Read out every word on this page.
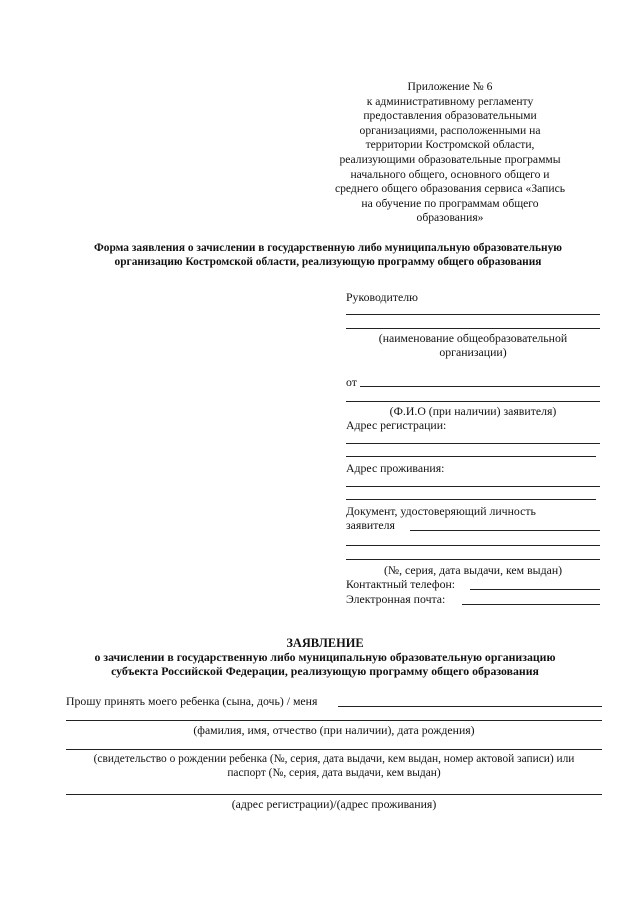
Приложение № 6
к административному регламенту
предоставления образовательными
организациями, расположенными на
территории Костромской области,
реализующими образовательные программы
начального общего, основного общего и
среднего общего образования сервиса «Запись
на обучение по программам общего
образования»
Форма заявления о зачислении в государственную либо муниципальную образовательную
организацию Костромской области, реализующую программу общего образования
Руководителю
(наименование общеобразовательной
организации)
от
(Ф.И.О (при наличии) заявителя)
Адрес регистрации:
Адрес проживания:
Документ, удостоверяющий личность
заявителя
(№, серия, дата выдачи, кем выдан)
Контактный телефон:
Электронная почта:
ЗАЯВЛЕНИЕ
о зачислении в государственную либо муниципальную образовательную организацию
субъекта Российской Федерации, реализующую программу общего образования
Прошу принять моего ребенка (сына, дочь) / меня
(фамилия, имя, отчество (при наличии), дата рождения)
(свидетельство о рождении ребенка (№, серия, дата выдачи, кем выдан, номер актовой записи) или
паспорт (№, серия, дата выдачи, кем выдан)
(адрес регистрации)/(адрес проживания)
